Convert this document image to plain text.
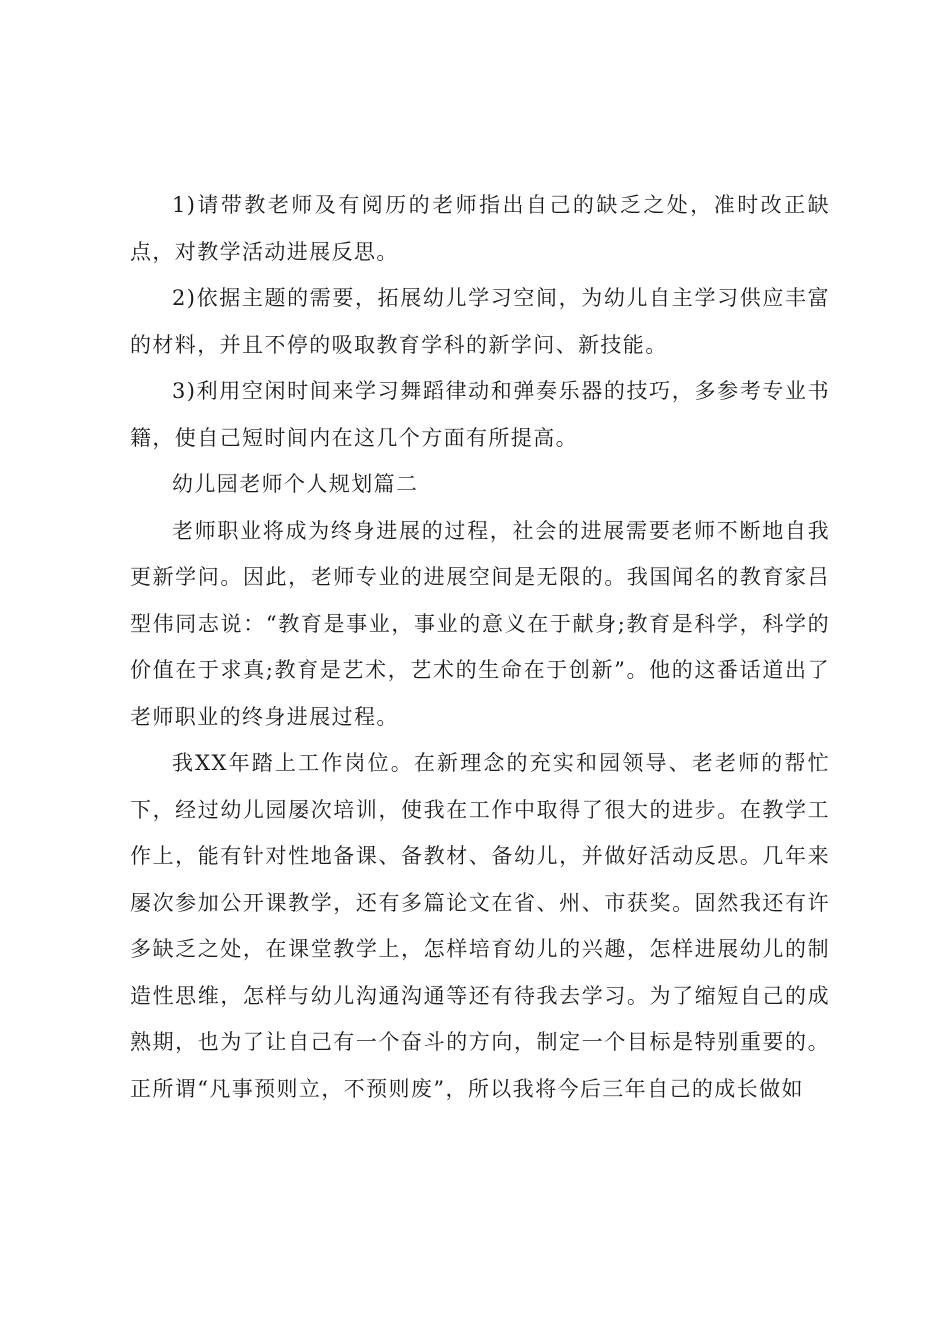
1)请带教老师及有阅历的老师指出自己的缺乏之处，准时改正缺点，对教学活动进展反思。

2)依据主题的需要，拓展幼儿学习空间，为幼儿自主学习供应丰富的材料，并且不停的吸取教育学科的新学问、新技能。

3)利用空闲时间来学习舞蹈律动和弹奏乐器的技巧，多参考专业书籍，使自己短时间内在这几个方面有所提高。

幼儿园老师个人规划篇二

老师职业将成为终身进展的过程，社会的进展需要老师不断地自我更新学问。因此，老师专业的进展空间是无限的。我国闻名的教育家吕型伟同志说：“教育是事业，事业的意义在于献身;教育是科学，科学的价值在于求真;教育是艺术，艺术的生命在于创新”。他的这番话道出了老师职业的终身进展过程。

我XX年踏上工作岗位。在新理念的充实和园领导、老老师的帮忙下，经过幼儿园屡次培训，使我在工作中取得了很大的进步。在教学工作上，能有针对性地备课、备教材、备幼儿，并做好活动反思。几年来屡次参加公开课教学，还有多篇论文在省、州、市获奖。固然我还有许多缺乏之处，在课堂教学上，怎样培育幼儿的兴趣，怎样进展幼儿的制造性思维，怎样与幼儿沟通沟通等还有待我去学习。为了缩短自己的成熟期，也为了让自己有一个奋斗的方向，制定一个目标是特别重要的。正所谓“凡事预则立，不预则废”，所以我将今后三年自己的成长做如
